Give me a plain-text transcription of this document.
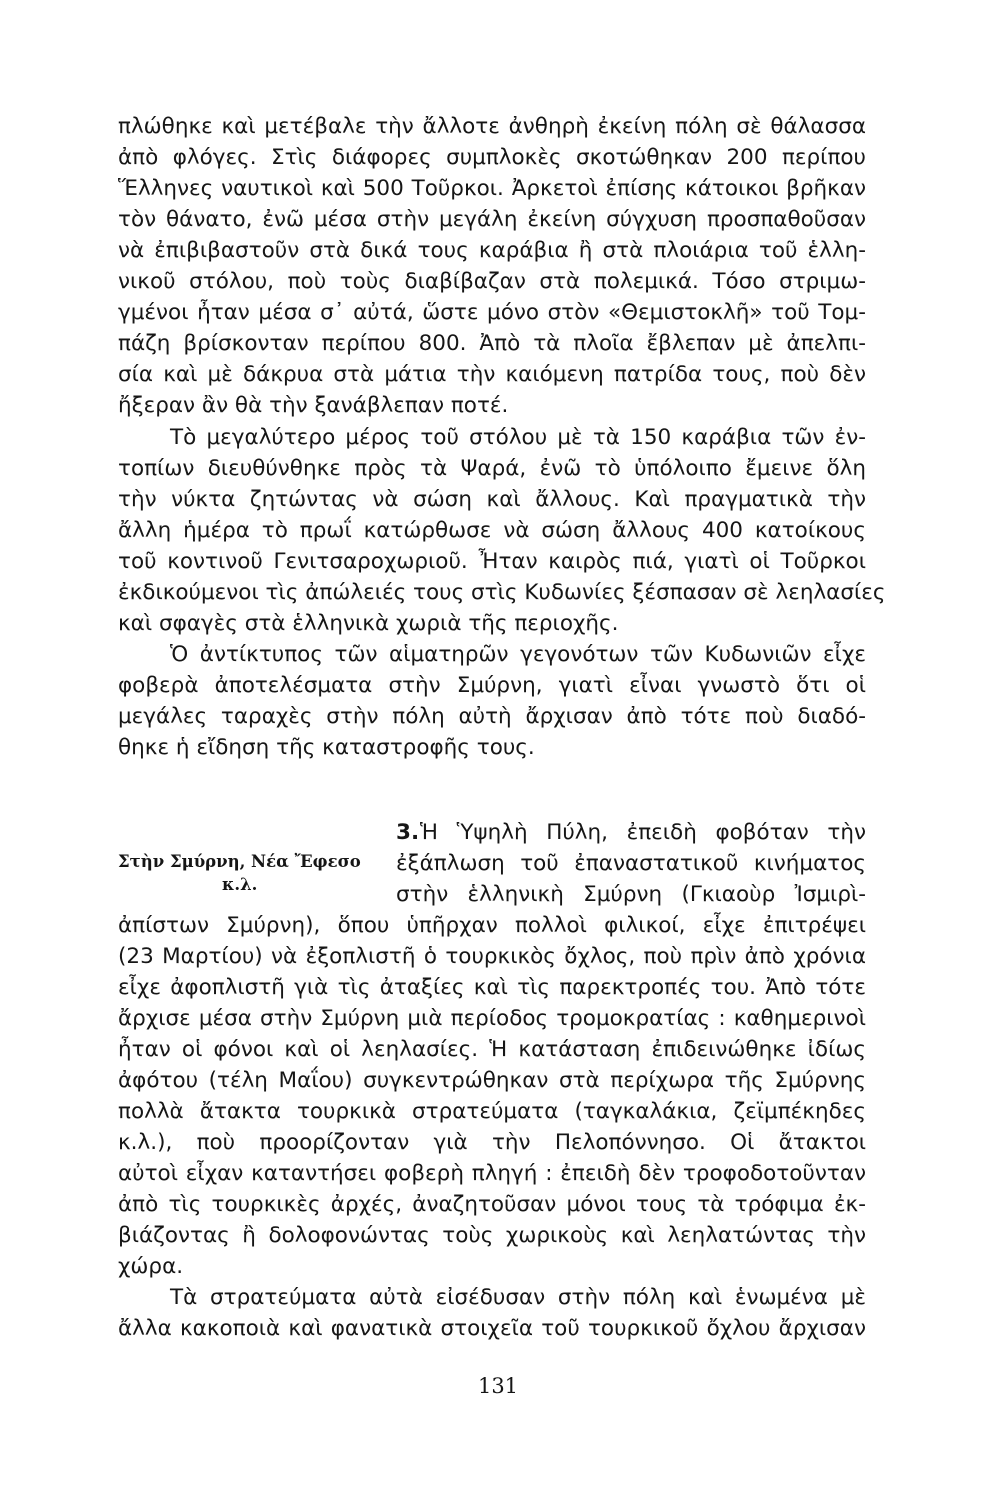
πλώθηκε καὶ μετέβαλε τὴν ἄλλοτε ἀνθηρὴ ἐκείνη πόλη σὲ θάλασσα
ἀπὸ φλόγες. Στὶς διάφορες συμπλοκὲς σκοτώθηκαν 200 περίπου
Ἕλληνες ναυτικοὶ καὶ 500 Τοῦρκοι. Ἀρκετοὶ ἐπίσης κάτοικοι βρῆκαν
τὸν θάνατο, ἐνῶ μέσα στὴν μεγάλη ἐκείνη σύγχυση προσπαθοῦσαν
νὰ ἐπιβιβαστοῦν στὰ δικά τους καράβια ἢ στὰ πλοιάρια τοῦ ἑλλη-
νικοῦ στόλου, ποὺ τοὺς διαβίβαζαν στὰ πολεμικά. Τόσο στριμω-
γμένοι ἦταν μέσα σ᾽ αὐτά, ὥστε μόνο στὸν «Θεμιστοκλῆ» τοῦ Τομ-
πάζη βρίσκονταν περίπου 800. Ἀπὸ τὰ πλοῖα ἔβλεπαν μὲ ἀπελπι-
σία καὶ μὲ δάκρυα στὰ μάτια τὴν καιόμενη πατρίδα τους, ποὺ δὲν
ἤξεραν ἂν θὰ τὴν ξανάβλεπαν ποτέ.
Τὸ μεγαλύτερο μέρος τοῦ στόλου μὲ τὰ 150 καράβια τῶν ἐν-
τοπίων διευθύνθηκε πρὸς τὰ Ψαρά, ἐνῶ τὸ ὑπόλοιπο ἔμεινε ὅλη
τὴν νύκτα ζητώντας νὰ σώση καὶ ἄλλους. Καὶ πραγματικὰ τὴν
ἄλλη ἡμέρα τὸ πρωΐ κατώρθωσε νὰ σώση ἄλλους 400 κατοίκους
τοῦ κοντινοῦ Γενιτσαροχωριοῦ. Ἦταν καιρὸς πιά, γιατὶ οἱ Τοῦρκοι
ἐκδικούμενοι τὶς ἀπώλειές τους στὶς Κυδωνίες ξέσπασαν σὲ λεηλασίες
καὶ σφαγὲς στὰ ἑλληνικὰ χωριὰ τῆς περιοχῆς.
Ὁ ἀντίκτυπος τῶν αἱματηρῶν γεγονότων τῶν Κυδωνιῶν εἶχε
φοβερὰ ἀποτελέσματα στὴν Σμύρνη, γιατὶ εἶναι γνωστὸ ὅτι οἱ
μεγάλες ταραχὲς στὴν πόλη αὐτὴ ἄρχισαν ἀπὸ τότε ποὺ διαδό-
θηκε ἡ εἴδηση τῆς καταστροφῆς τους.
Στὴν Σμύρνη, Νέα Ἔφεσο
κ.λ.
3. Ἡ Ὑψηλὴ Πύλη, ἐπειδὴ φοβόταν τὴν
ἐξάπλωση τοῦ ἐπαναστατικοῦ κινήματος
στὴν ἑλληνικὴ Σμύρνη (Γκιαοὺρ Ἰσμιρὶ-
ἀπίστων Σμύρνη), ὅπου ὑπῆρχαν πολλοὶ φιλικοί, εἶχε ἐπιτρέψει
(23 Μαρτίου) νὰ ἐξοπλιστῆ ὁ τουρκικὸς ὄχλος, ποὺ πρὶν ἀπὸ χρόνια
εἶχε ἀφοπλιστῆ γιὰ τὶς ἀταξίες καὶ τὶς παρεκτροπές του. Ἀπὸ τότε
ἄρχισε μέσα στὴν Σμύρνη μιὰ περίοδος τρομοκρατίας : καθημερινοὶ
ἦταν οἱ φόνοι καὶ οἱ λεηλασίες. Ἡ κατάσταση ἐπιδεινώθηκε ἰδίως
ἀφότου (τέλη Μαΐου) συγκεντρώθηκαν στὰ περίχωρα τῆς Σμύρνης
πολλὰ ἄτακτα τουρκικὰ στρατεύματα (ταγκαλάκια, ζεϊμπέκηδες
κ.λ.), ποὺ προορίζονταν γιὰ τὴν Πελοπόννησο. Οἱ ἄτακτοι
αὐτοὶ εἶχαν καταντήσει φοβερὴ πληγή : ἐπειδὴ δὲν τροφοδοτοῦνταν
ἀπὸ τὶς τουρκικὲς ἀρχές, ἀναζητοῦσαν μόνοι τους τὰ τρόφιμα ἐκ-
βιάζοντας ἢ δολοφονώντας τοὺς χωρικοὺς καὶ λεηλατώντας τὴν
χώρα.
Τὰ στρατεύματα αὐτὰ εἰσέδυσαν στὴν πόλη καὶ ἑνωμένα μὲ
ἄλλα κακοποιὰ καὶ φανατικὰ στοιχεῖα τοῦ τουρκικοῦ ὄχλου ἄρχισαν
131
